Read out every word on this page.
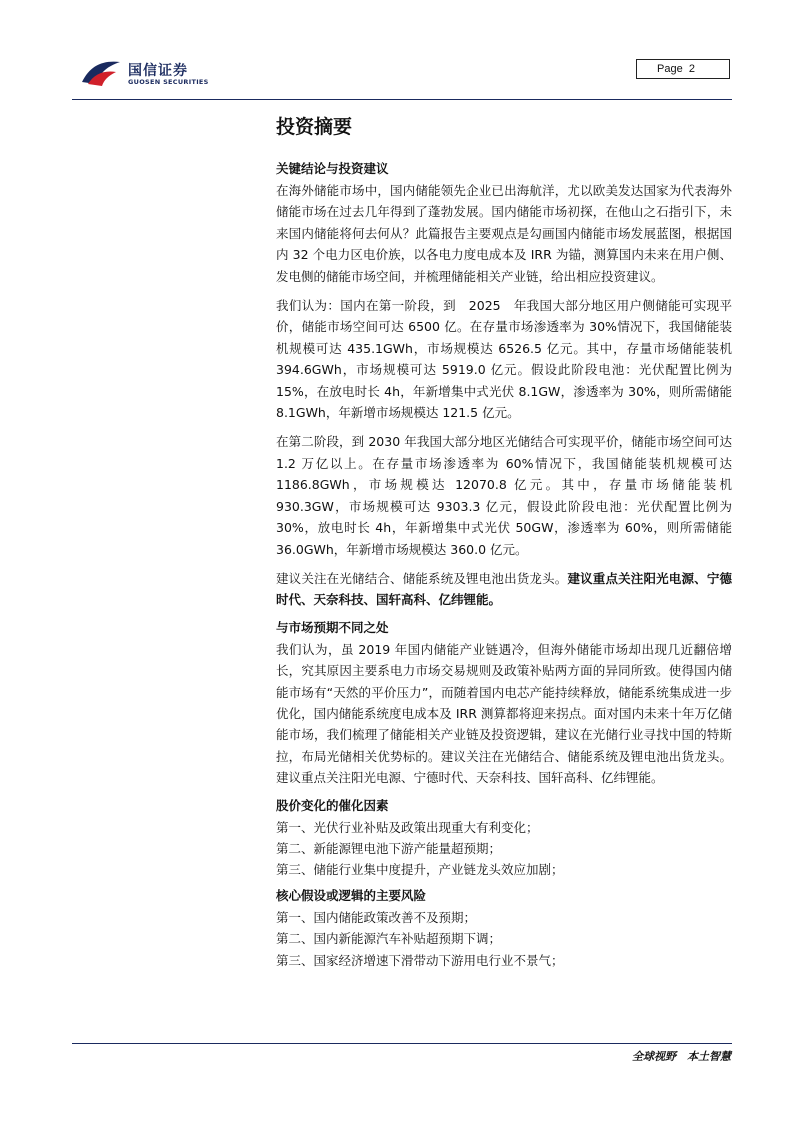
国信证券
GUOSEN SECURITIES
Page 2
投资摘要
关键结论与投资建议

在海外储能市场中，国内储能领先企业已出海航洋，尤以欧美发达国家为代表海外储能市场在过去几年得到了蓬勃发展。国内储能市场初探，在他山之石指引下，未来国内储能将何去何从？此篇报告主要观点是勾画国内储能市场发展蓝图，根据国内 32 个电力区电价族，以各电力度电成本及 IRR 为锚，测算国内未来在用户侧、发电侧的储能市场空间，并梳理储能相关产业链，给出相应投资建议。

我们认为：国内在第一阶段，到　2025　年我国大部分地区用户侧储能可实现平价，储能市场空间可达 6500 亿。在存量市场渗透率为 30%情况下，我国储能装机规模可达 435.1GWh，市场规模达 6526.5 亿元。其中，存量市场储能装机 394.6GWh，市场规模可达 5919.0 亿元。假设此阶段电池：光伏配置比例为 15%，在放电时长 4h，年新增集中式光伏 8.1GW，渗透率为 30%，则所需储能 8.1GWh，年新增市场规模达 121.5 亿元。

在第二阶段，到 2030 年我国大部分地区光储结合可实现平价，储能市场空间可达 1.2 万亿以上。在存量市场渗透率为 60%情况下，我国储能装机规模可达 1186.8GWh，市场规模达 12070.8 亿元。其中，存量市场储能装机 930.3GW，市场规模可达 9303.3 亿元，假设此阶段电池：光伏配置比例为 30%，放电时长 4h，年新增集中式光伏 50GW，渗透率为 60%，则所需储能 36.0GWh，年新增市场规模达 360.0 亿元。

建议关注在光储结合、储能系统及锂电池出货龙头。建议重点关注阳光电源、宁德时代、天奈科技、国轩高科、亿纬锂能。

与市场预期不同之处

我们认为，虽 2019 年国内储能产业链遇冷，但海外储能市场却出现几近翻倍增长，究其原因主要系电力市场交易规则及政策补贴两方面的异同所致。使得国内储能市场有“天然的平价压力”，而随着国内电芯产能持续释放，储能系统集成进一步优化，国内储能系统度电成本及 IRR 测算都将迎来拐点。面对国内未来十年万亿储能市场，我们梳理了储能相关产业链及投资逻辑，建议在光储行业寻找中国的特斯拉，布局光储相关优势标的。建议关注在光储结合、储能系统及锂电池出货龙头。建议重点关注阳光电源、宁德时代、天奈科技、国轩高科、亿纬锂能。

股价变化的催化因素

第一、光伏行业补贴及政策出现重大有利变化；

第二、新能源锂电池下游产能量超预期；

第三、储能行业集中度提升，产业链龙头效应加剧；

核心假设或逻辑的主要风险

第一、国内储能政策改善不及预期；

第二、国内新能源汽车补贴超预期下调；

第三、国家经济增速下滑带动下游用电行业不景气；

全球视野　本土智慧
